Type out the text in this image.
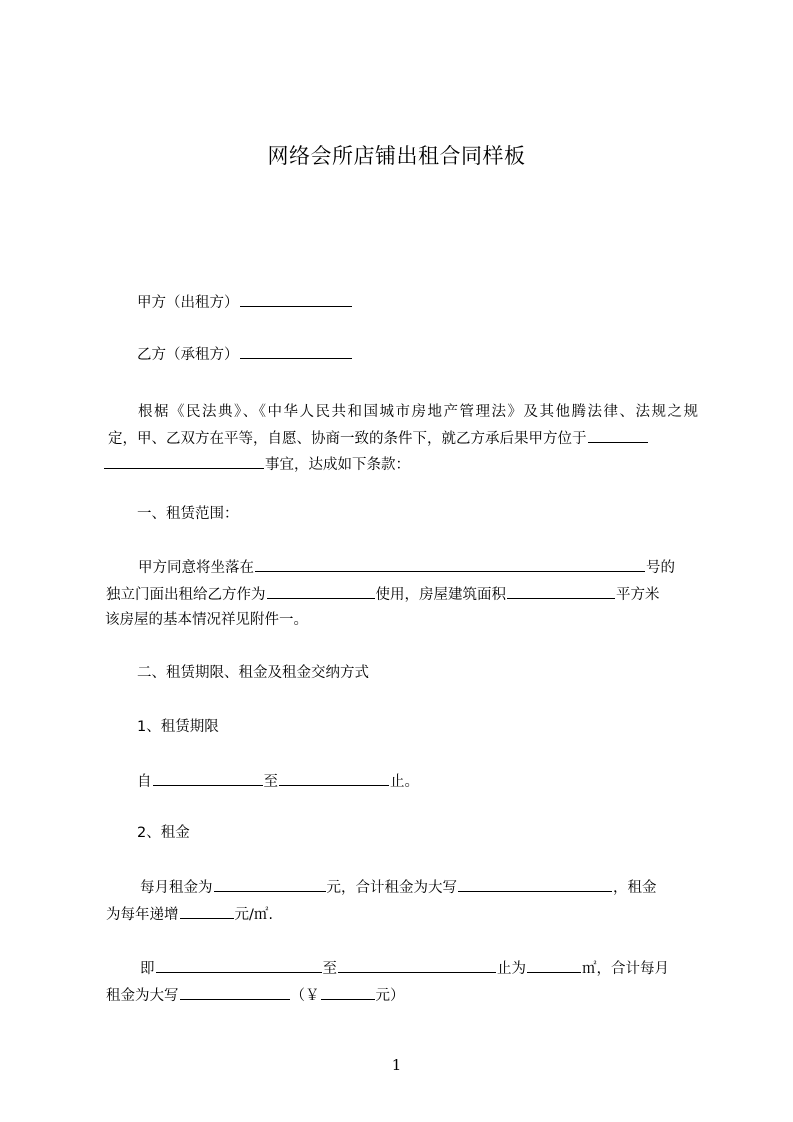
网络会所店铺出租合同样板
甲方（出租方）
乙方（承租方）
根椐《民法典》、《中华人民共和国城市房地产管理法》及其他腾法律、法规之规
定，甲、乙双方在平等，自愿、协商一致的条件下，就乙方承后果甲方位于
事宜，达成如下条款：
一、租赁范围：
甲方同意将坐落在	号的
独立门面出租给乙方作为	使用，房屋建筑面积	平方米
该房屋的基本情况祥见附件一。
二、租赁期限、租金及租金交纳方式
1、租赁期限
自	至	止。
2、租金
每月租金为	元，合计租金为大写	，租金
为每年递增	元/㎡.
即	至	止为	㎡，合计每月
租金为大写	（￥	元）
1
